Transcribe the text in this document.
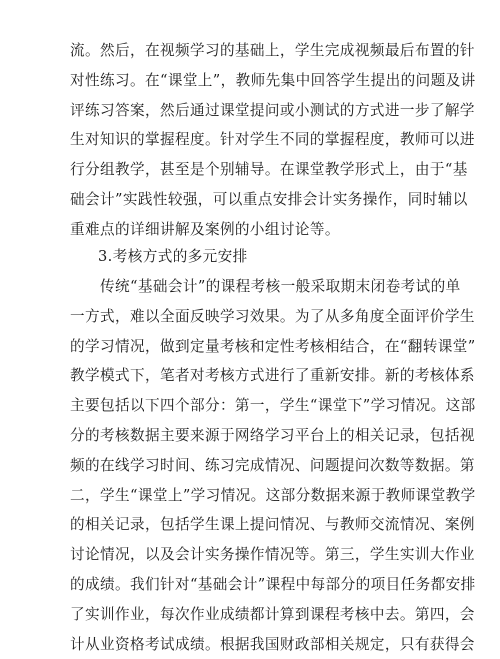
流。然后，在视频学习的基础上，学生完成视频最后布置的针
对性练习。在“课堂上”，教师先集中回答学生提出的问题及讲
评练习答案，然后通过课堂提问或小测试的方式进一步了解学
生对知识的掌握程度。针对学生不同的掌握程度，教师可以进
行分组教学，甚至是个别辅导。在课堂教学形式上，由于“基
础会计”实践性较强，可以重点安排会计实务操作，同时辅以
重难点的详细讲解及案例的小组讨论等。
3.考核方式的多元安排
传统“基础会计”的课程考核一般采取期末闭卷考试的单
一方式，难以全面反映学习效果。为了从多角度全面评价学生
的学习情况，做到定量考核和定性考核相结合，在“翻转课堂”
教学模式下，笔者对考核方式进行了重新安排。新的考核体系
主要包括以下四个部分：第一，学生“课堂下”学习情况。这部
分的考核数据主要来源于网络学习平台上的相关记录，包括视
频的在线学习时间、练习完成情况、问题提问次数等数据。第
二，学生“课堂上”学习情况。这部分数据来源于教师课堂教学
的相关记录，包括学生课上提问情况、与教师交流情况、案例
讨论情况，以及会计实务操作情况等。第三，学生实训大作业
的成绩。我们针对“基础会计”课程中每部分的项目任务都安排
了实训作业，每次作业成绩都计算到课程考核中去。第四，会
计从业资格考试成绩。根据我国财政部相关规定，只有获得会
